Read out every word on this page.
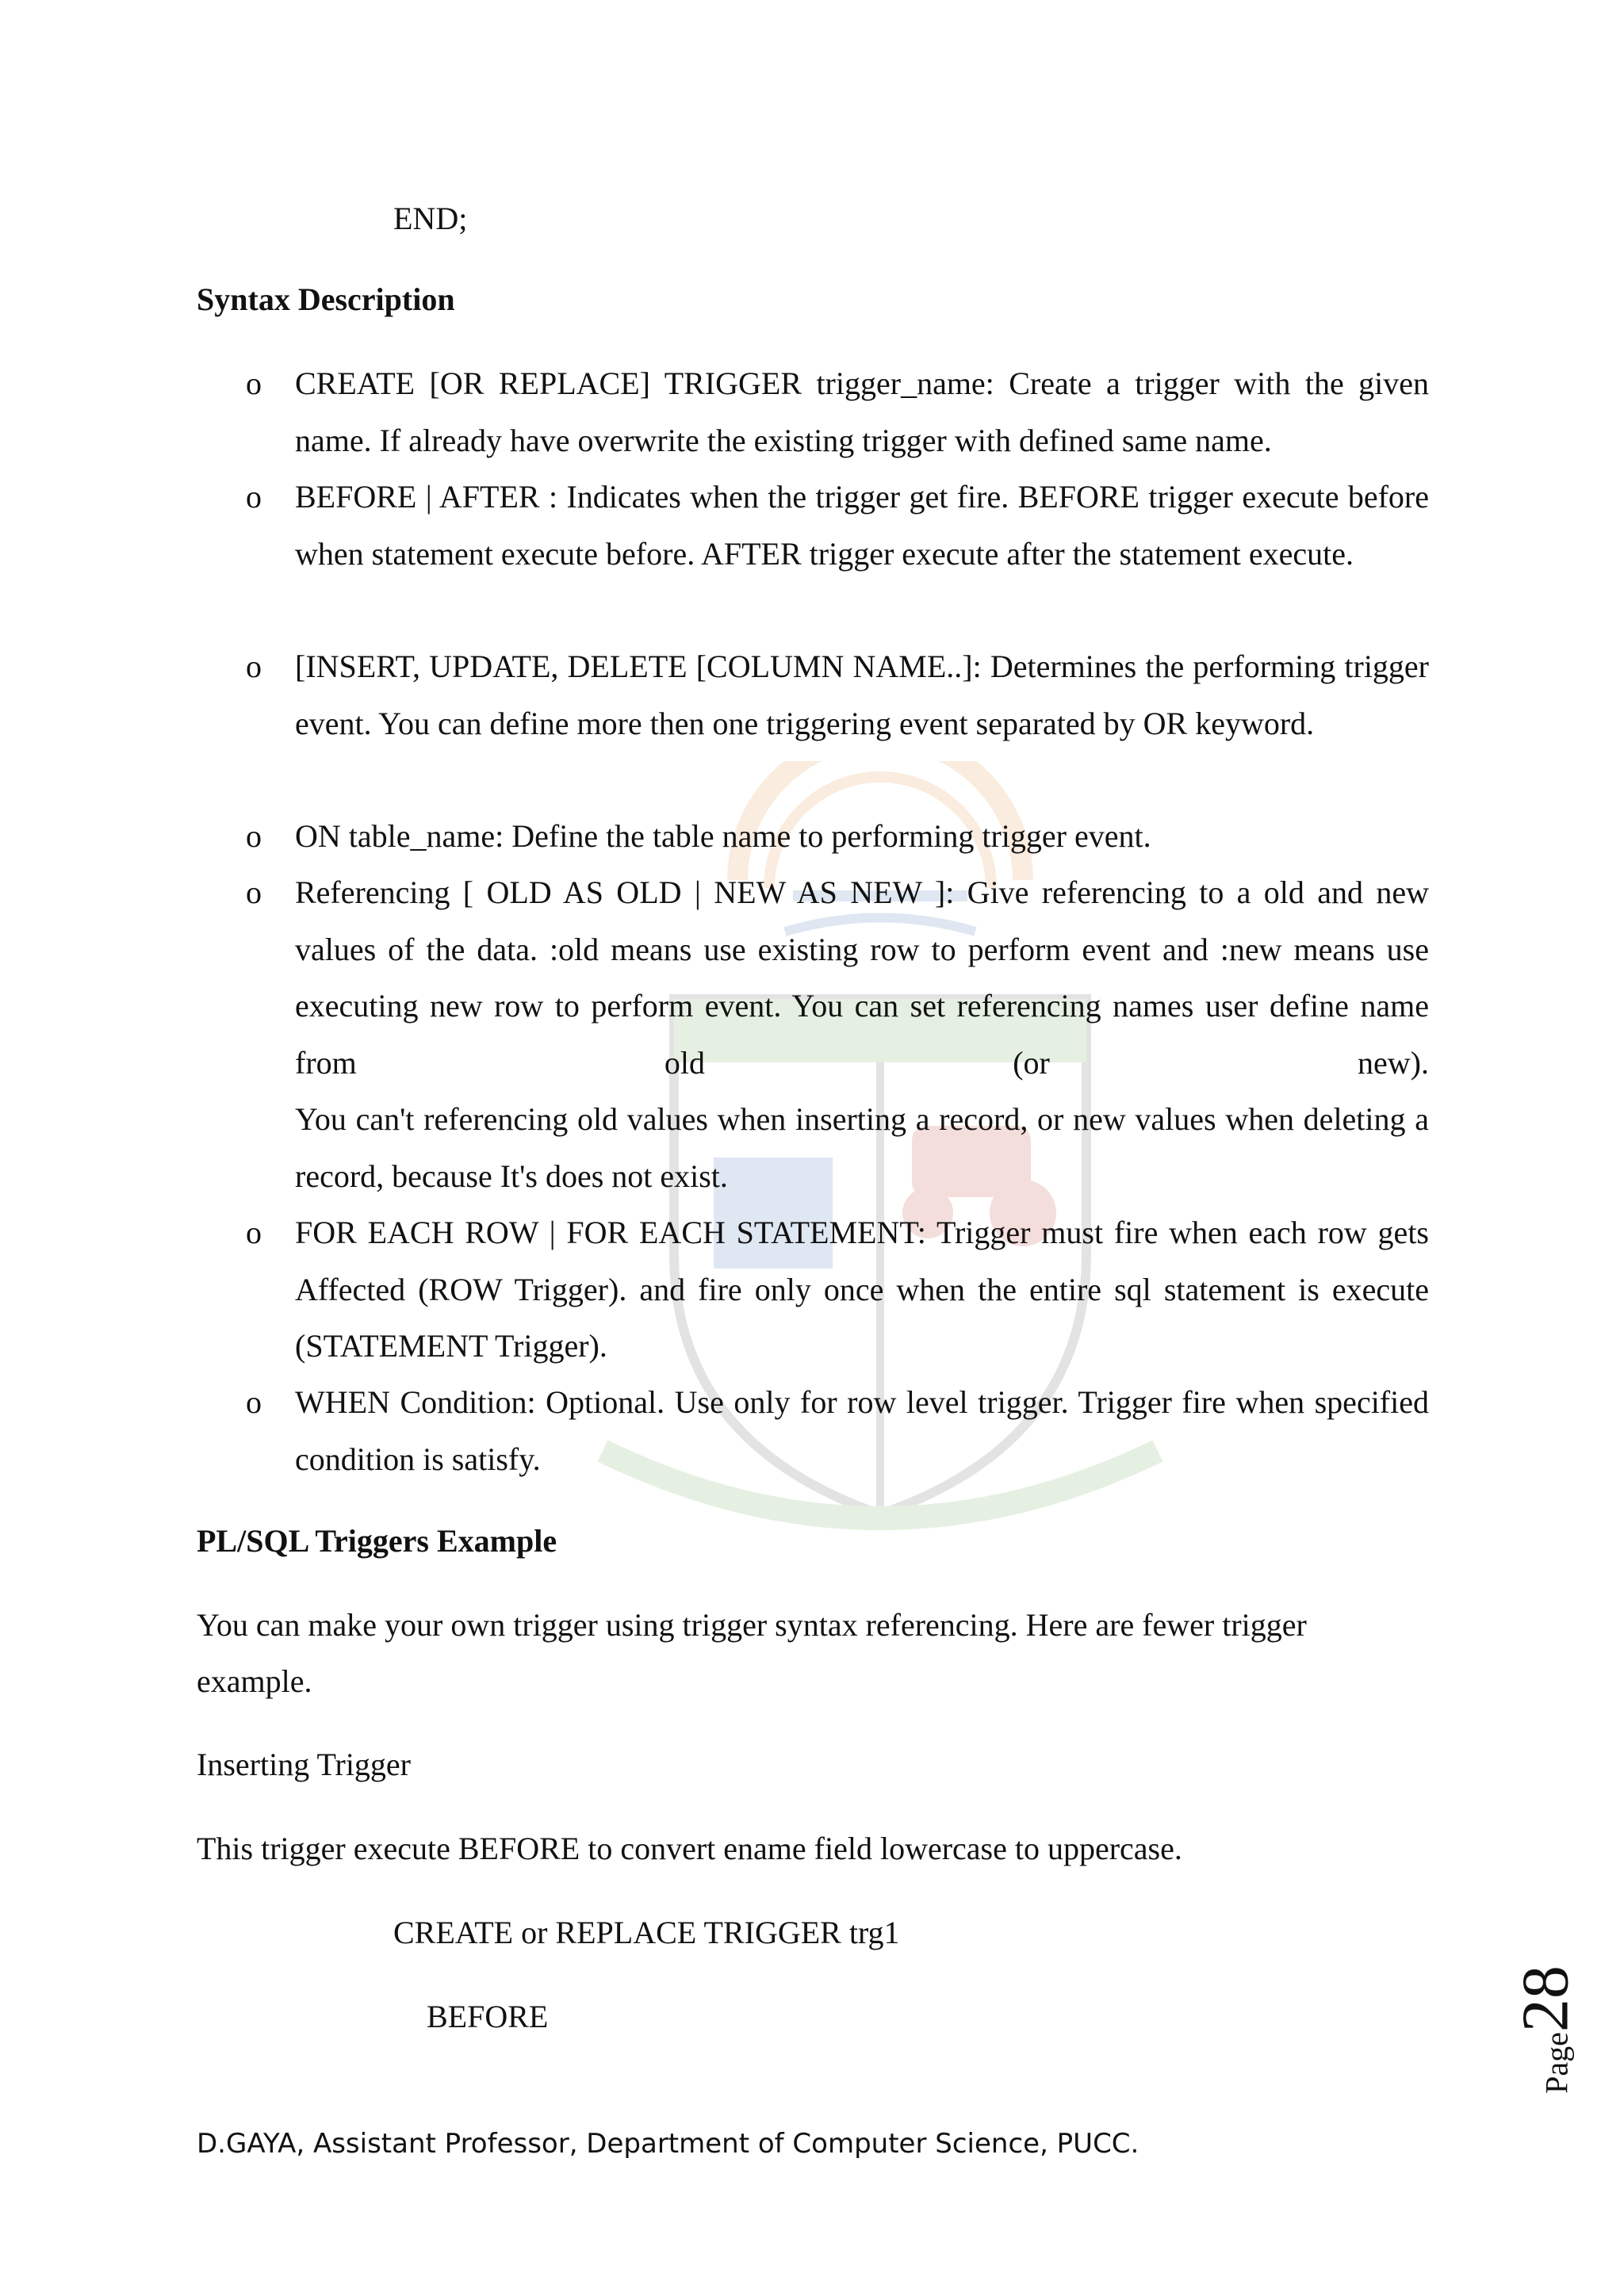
END;

Syntax Description

o CREATE [OR REPLACE] TRIGGER trigger_name: Create a trigger with the given name. If already have overwrite the existing trigger with defined same name.
o BEFORE | AFTER : Indicates when the trigger get fire. BEFORE trigger execute before when statement execute before. AFTER trigger execute after the statement execute.
o [INSERT, UPDATE, DELETE [COLUMN NAME..]: Determines the performing trigger event. You can define more then one triggering event separated by OR keyword.
o ON table_name: Define the table name to performing trigger event.
o Referencing [ OLD AS OLD | NEW AS NEW ]: Give referencing to a old and new values of the data. :old means use existing row to perform event and :new means use executing new row to perform event. You can set referencing names user define name from old (or new).
You can't referencing old values when inserting a record, or new values when deleting a record, because It's does not exist.
o FOR EACH ROW | FOR EACH STATEMENT: Trigger must fire when each row gets Affected (ROW Trigger). and fire only once when the entire sql statement is execute (STATEMENT Trigger).
o WHEN Condition: Optional. Use only for row level trigger. Trigger fire when specified condition is satisfy.

PL/SQL Triggers Example

You can make your own trigger using trigger syntax referencing. Here are fewer trigger

example.

Inserting Trigger

This trigger execute BEFORE to convert ename field lowercase to uppercase.

CREATE or REPLACE TRIGGER trg1

BEFORE

Page28
D.GAYA, Assistant Professor, Department of Computer Science, PUCC.
